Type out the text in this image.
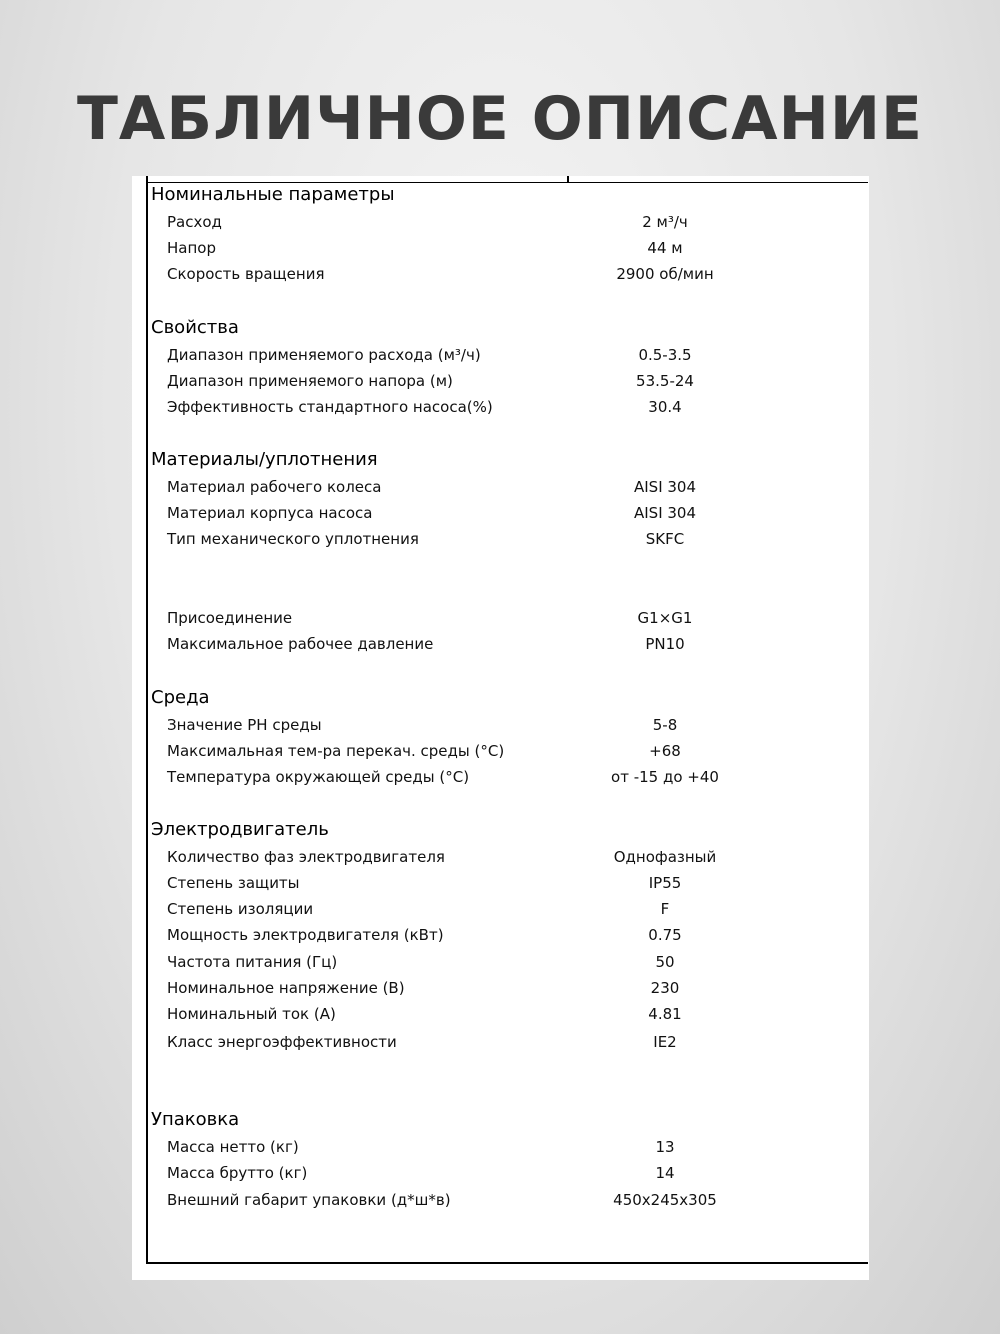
ТАБЛИЧНОЕ ОПИСАНИЕ
Номинальные параметры
Расход	2 м³/ч
Напор	44 м
Скорость вращения	2900 об/мин
Свойства
Диапазон применяемого расхода (м³/ч)	0.5-3.5
Диапазон применяемого напора (м)	53.5-24
Эффективность стандартного насоса(%)	30.4
Материалы/уплотнения
Материал рабочего колеса	AISI 304
Материал корпуса насоса	AISI 304
Тип механического уплотнения	SKFC
Присоединение	G1×G1
Максимальное рабочее давление	PN10
Среда
Значение PH среды	5-8
Максимальная тем-ра перекач. среды (°C)	+68
Температура окружающей среды (°C)	от -15 до +40
Электродвигатель
Количество фаз электродвигателя	Однофазный
Степень защиты	IP55
Степень изоляции	F
Мощность электродвигателя (кВт)	0.75
Частота питания (Гц)	50
Номинальное напряжение (В)	230
Номинальный ток (А)	4.81
Класс энергоэффективности	IE2
Упаковка
Масса нетто (кг)	13
Масса брутто (кг)	14
Внешний габарит упаковки (д*ш*в)	450x245x305
